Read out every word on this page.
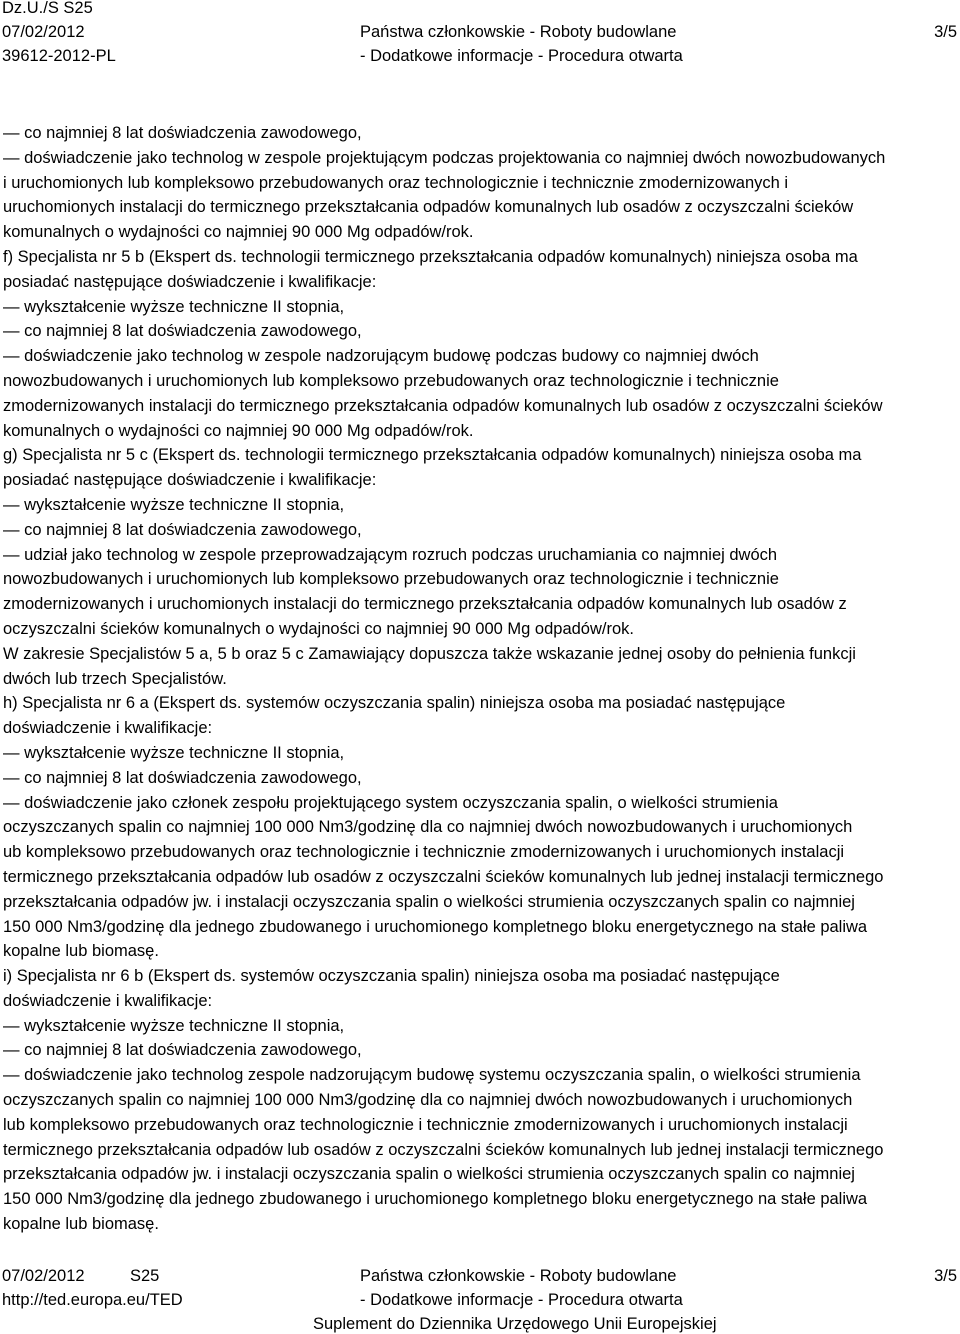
Dz.U./S S25
07/02/2012
39612-2012-PL
Państwa członkowskie - Roboty budowlane
- Dodatkowe informacje - Procedura otwarta
3/5
— co najmniej 8 lat doświadczenia zawodowego,
— doświadczenie jako technolog w zespole projektującym podczas projektowania co najmniej dwóch nowozbudowanych
i uruchomionych lub kompleksowo przebudowanych oraz technologicznie i technicznie zmodernizowanych i
uruchomionych instalacji do termicznego przekształcania odpadów komunalnych lub osadów z oczyszczalni ścieków
komunalnych o wydajności co najmniej 90 000 Mg odpadów/rok.
f) Specjalista nr 5 b (Ekspert ds. technologii termicznego przekształcania odpadów komunalnych) niniejsza osoba ma
posiadać następujące doświadczenie i kwalifikacje:
— wykształcenie wyższe techniczne II stopnia,
— co najmniej 8 lat doświadczenia zawodowego,
— doświadczenie jako technolog w zespole nadzorującym budowę podczas budowy co najmniej dwóch
nowozbudowanych i uruchomionych lub kompleksowo przebudowanych oraz technologicznie i technicznie
zmodernizowanych instalacji do termicznego przekształcania odpadów komunalnych lub osadów z oczyszczalni ścieków
komunalnych o wydajności co najmniej 90 000 Mg odpadów/rok.
g) Specjalista nr 5 c (Ekspert ds. technologii termicznego przekształcania odpadów komunalnych) niniejsza osoba ma
posiadać następujące doświadczenie i kwalifikacje:
— wykształcenie wyższe techniczne II stopnia,
— co najmniej 8 lat doświadczenia zawodowego,
— udział jako technolog w zespole przeprowadzającym rozruch podczas uruchamiania co najmniej dwóch
nowozbudowanych i uruchomionych lub kompleksowo przebudowanych oraz technologicznie i technicznie
zmodernizowanych i uruchomionych instalacji do termicznego przekształcania odpadów komunalnych lub osadów z
oczyszczalni ścieków komunalnych o wydajności co najmniej 90 000 Mg odpadów/rok.
W zakresie Specjalistów 5 a, 5 b oraz 5 c Zamawiający dopuszcza także wskazanie jednej osoby do pełnienia funkcji
dwóch lub trzech Specjalistów.
h) Specjalista nr 6 a (Ekspert ds. systemów oczyszczania spalin) niniejsza osoba ma posiadać następujące
doświadczenie i kwalifikacje:
— wykształcenie wyższe techniczne II stopnia,
— co najmniej 8 lat doświadczenia zawodowego,
— doświadczenie jako członek zespołu projektującego system oczyszczania spalin, o wielkości strumienia
oczyszczanych spalin co najmniej 100 000 Nm3/godzinę dla co najmniej dwóch nowozbudowanych i uruchomionych
ub kompleksowo przebudowanych oraz technologicznie i technicznie zmodernizowanych i uruchomionych instalacji
termicznego przekształcania odpadów lub osadów z oczyszczalni ścieków komunalnych lub jednej instalacji termicznego
przekształcania odpadów jw. i instalacji oczyszczania spalin o wielkości strumienia oczyszczanych spalin co najmniej
150 000 Nm3/godzinę dla jednego zbudowanego i uruchomionego kompletnego bloku energetycznego na stałe paliwa
kopalne lub biomasę.
i) Specjalista nr 6 b (Ekspert ds. systemów oczyszczania spalin) niniejsza osoba ma posiadać następujące
doświadczenie i kwalifikacje:
— wykształcenie wyższe techniczne II stopnia,
— co najmniej 8 lat doświadczenia zawodowego,
— doświadczenie jako technolog zespole nadzorującym budowę systemu oczyszczania spalin, o wielkości strumienia
oczyszczanych spalin co najmniej 100 000 Nm3/godzinę dla co najmniej dwóch nowozbudowanych i uruchomionych
lub kompleksowo przebudowanych oraz technologicznie i technicznie zmodernizowanych i uruchomionych instalacji
termicznego przekształcania odpadów lub osadów z oczyszczalni ścieków komunalnych lub jednej instalacji termicznego
przekształcania odpadów jw. i instalacji oczyszczania spalin o wielkości strumienia oczyszczanych spalin co najmniej
150 000 Nm3/godzinę dla jednego zbudowanego i uruchomionego kompletnego bloku energetycznego na stałe paliwa
kopalne lub biomasę.
07/02/2012	S25
http://ted.europa.eu/TED
Państwa członkowskie - Roboty budowlane
- Dodatkowe informacje - Procedura otwarta
Suplement do Dziennika Urzędowego Unii Europejskiej
3/5
